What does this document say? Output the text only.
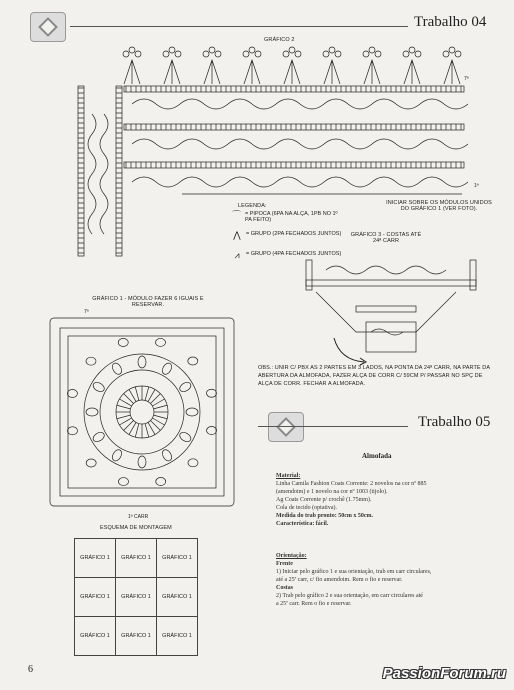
Trabalho 04
GRÁFICO 2
LEGENDA:
⌒ = PIPOCA (6PA NA ALÇA, 1PB NO 1º PA FEITO)
⋀ = GRUPO (2PA FECHADOS JUNTOS)
⩘	= GRUPO (4PA FECHADOS JUNTOS)
INICIAR SOBRE OS MÓDULOS UNIDOS DO GRÁFICO 1 (VER FOTO).
1ª
7ª
GRÁFICO 3 - COSTAS ATÉ 24ª CARR
OBS.: UNIR C/ PBX AS 2 PARTES EM 3 LADOS, NA PONTA DA 24ª CARR, NA PARTE DA ABERTURA DA ALMOFADA, FAZER ALÇA DE CORR C/ 59CM P/ PASSAR NO SPÇ DE ALÇA DE CORR. FECHAR A ALMOFADA.
GRÁFICO 1 - MÓDULO FAZER 6 IGUAIS E RESERVAR.
7ª
1ª CARR
ESQUEMA DE MONTAGEM
GRÁFICO 1	GRÁFICO 1	GRÁFICO 1
GRÁFICO 1	GRÁFICO 1	GRÁFICO 1
GRÁFICO 1	GRÁFICO 1	GRÁFICO 1
Trabalho 05
Almofada
Material:
Linha Camila Fashion Coats Corrente: 2 novelos na cor nº 885
(amendoim) e 1 novelo na cor nº 1003 (tijolo).
Ag Coats Corrente p/ crochê (1.75mm).
Cola de tecido (optativa).
Medida do trab pronto: 50cm x 50cm.
Característica: fácil.
Orientação:
Frente
1) Iniciar pelo gráfico 1 e sua orientação, trab em carr circulares,
até a 25ª carr, c/ fio amendoim. Rem o fio e reservar.
Costas
2) Trab pelo gráfico 2 e sua orientação, em carr circulares até
a 25ª carr. Rem o fio e reservar.
6	PassionForum.ru
